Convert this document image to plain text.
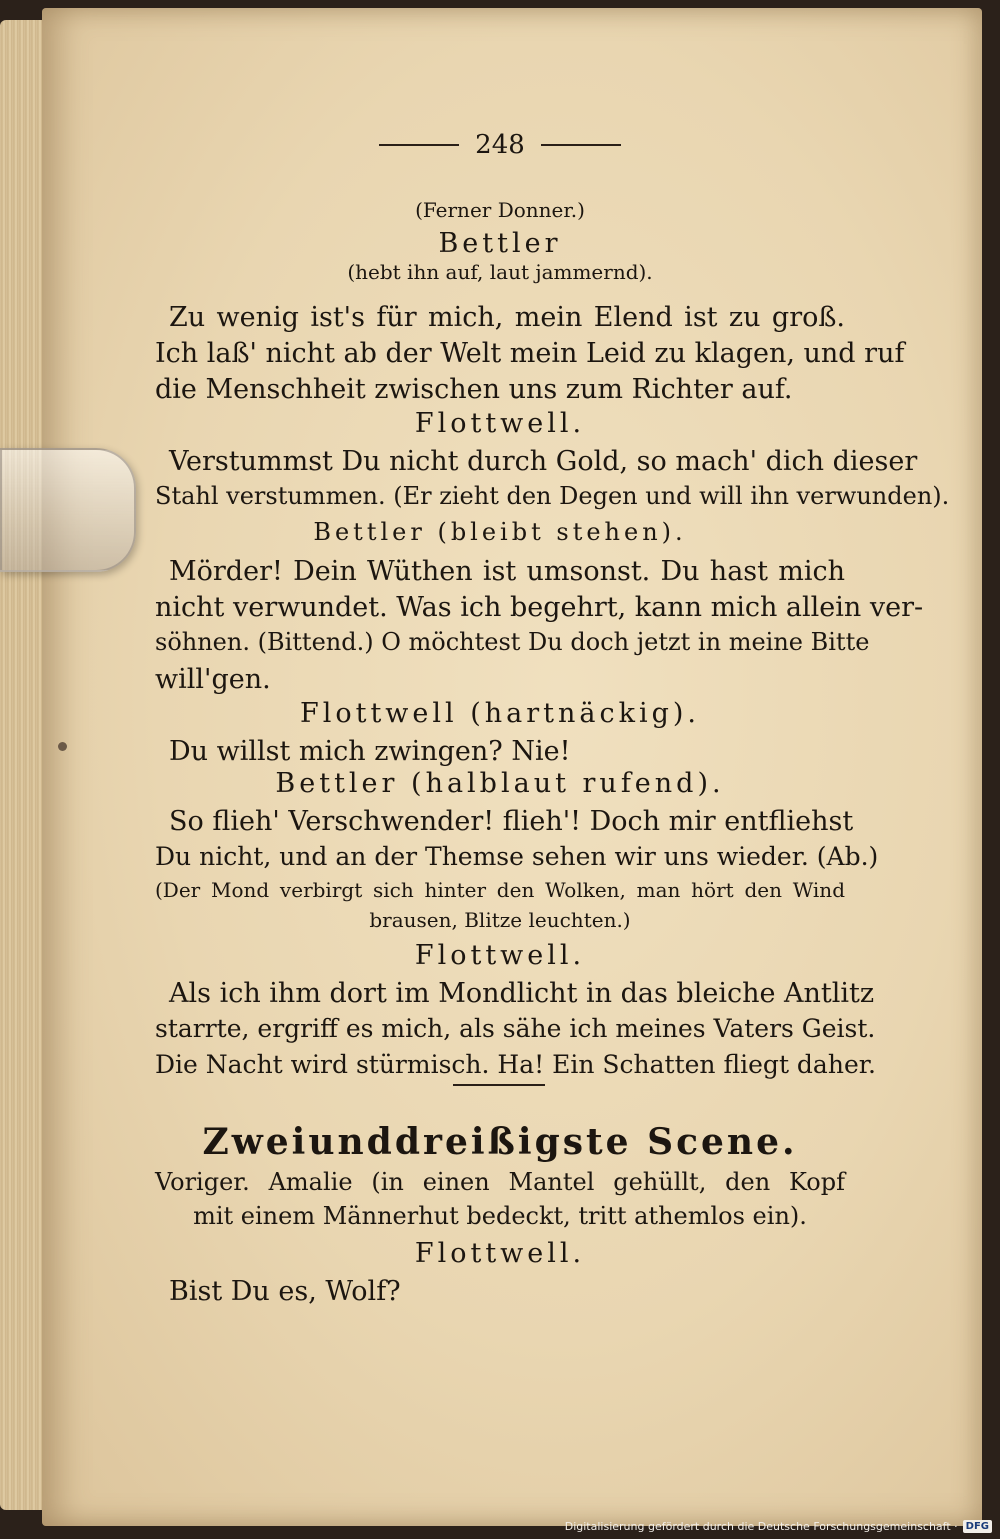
248
(Ferner Donner.)
Bettler
(hebt ihn auf, laut jammernd).
Zu wenig ist's für mich, mein Elend ist zu groß.
Ich laß' nicht ab der Welt mein Leid zu klagen, und ruf
die Menschheit zwischen uns zum Richter auf.
Flottwell.
Verstummst Du nicht durch Gold, so mach' dich dieser
Stahl verstummen. (Er zieht den Degen und will ihn verwunden).
Bettler (bleibt stehen).
Mörder! Dein Wüthen ist umsonst. Du hast mich
nicht verwundet. Was ich begehrt, kann mich allein ver-
söhnen. (Bittend.) O möchtest Du doch jetzt in meine Bitte
will'gen.
Flottwell (hartnäckig).
Du willst mich zwingen? Nie!
Bettler (halblaut rufend).
So flieh' Verschwender! flieh'! Doch mir entfliehst
Du nicht, und an der Themse sehen wir uns wieder. (Ab.)
(Der Mond verbirgt sich hinter den Wolken, man hört den Wind
brausen, Blitze leuchten.)
Flottwell.
Als ich ihm dort im Mondlicht in das bleiche Antlitz
starrte, ergriff es mich, als sähe ich meines Vaters Geist.
Die Nacht wird stürmisch. Ha! Ein Schatten fliegt daher.
Zweiunddreißigste Scene.
Voriger. Amalie (in einen Mantel gehüllt, den Kopf
mit einem Männerhut bedeckt, tritt athemlos ein).
Flottwell.
Bist Du es, Wolf?
Digitalisierung gefördert durch die Deutsche Forschungsgemeinschaft · DFG
